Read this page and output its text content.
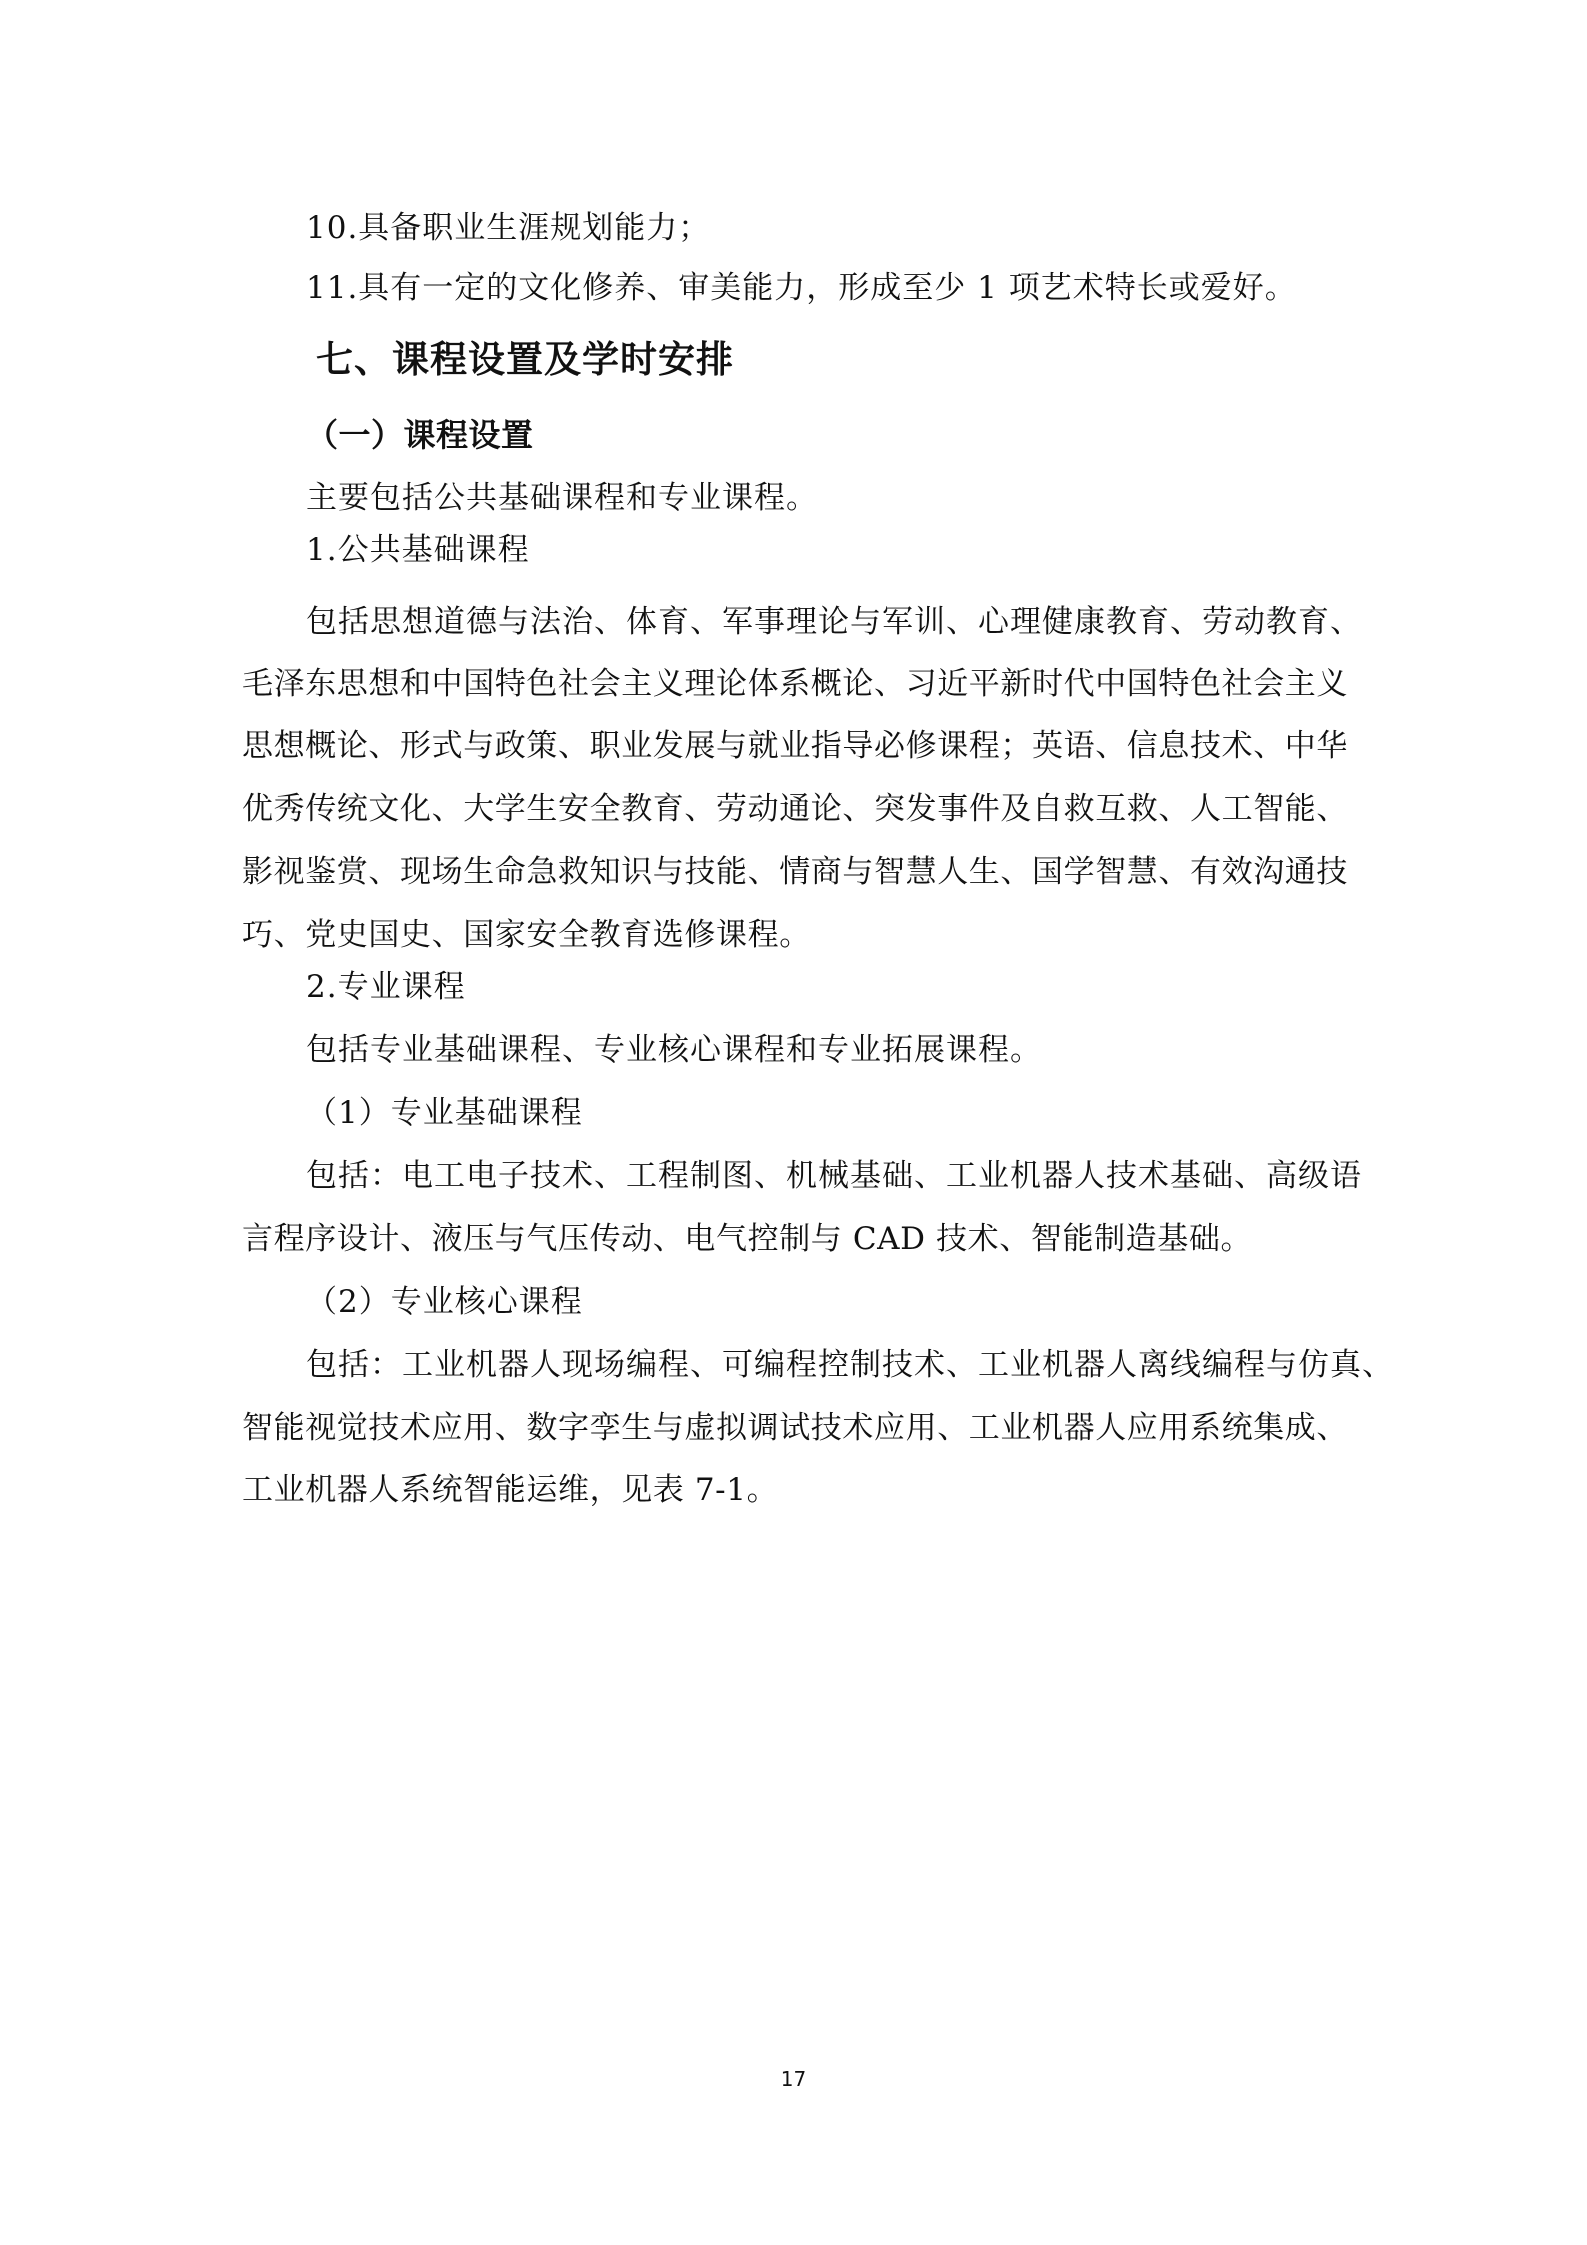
10.具备职业生涯规划能力；
11.具有一定的文化修养、审美能力，形成至少 1 项艺术特长或爱好。
七、课程设置及学时安排
（一）课程设置
主要包括公共基础课程和专业课程。
1.公共基础课程
包括思想道德与法治、体育、军事理论与军训、心理健康教育、劳动教育、
毛泽东思想和中国特色社会主义理论体系概论、习近平新时代中国特色社会主义
思想概论、形式与政策、职业发展与就业指导必修课程；英语、信息技术、中华
优秀传统文化、大学生安全教育、劳动通论、突发事件及自救互救、人工智能、
影视鉴赏、现场生命急救知识与技能、情商与智慧人生、国学智慧、有效沟通技
巧、党史国史、国家安全教育选修课程。
2.专业课程
包括专业基础课程、专业核心课程和专业拓展课程。
（1）专业基础课程
包括：电工电子技术、工程制图、机械基础、工业机器人技术基础、高级语
言程序设计、液压与气压传动、电气控制与 CAD 技术、智能制造基础。
（2）专业核心课程
包括：工业机器人现场编程、可编程控制技术、工业机器人离线编程与仿真、
智能视觉技术应用、数字孪生与虚拟调试技术应用、工业机器人应用系统集成、
工业机器人系统智能运维，见表 7-1。
17
